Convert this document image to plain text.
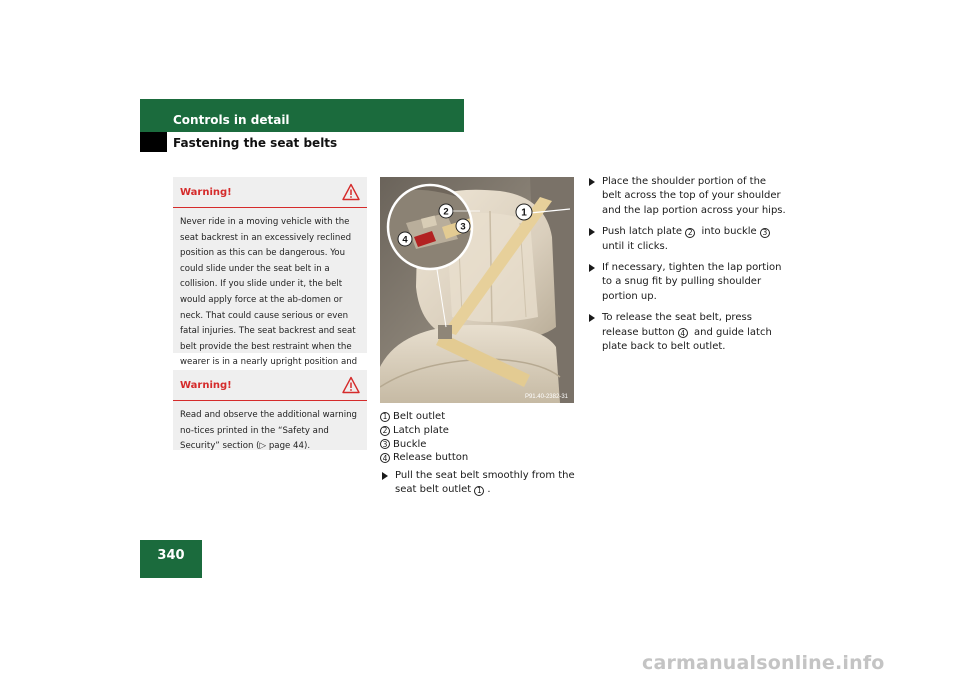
Controls in detail
Fastening the seat belts
Warning!
Never ride in a moving vehicle with the seat backrest in an excessively reclined position as this can be dangerous. You could slide under the seat belt in a collision. If you slide under it, the belt would apply force at the ab-domen or neck. That could cause serious or even fatal injuries. The seat backrest and seat belt provide the best restraint when the wearer is in a nearly upright position and
Warning!
Read and observe the additional warning no-tices printed in the “Safety and Security” section (▷ page 44).
1
2
3
4
P91.40-2382-31
1 Belt outlet
2 Latch plate
3 Buckle
4 Release button
Pull the seat belt smoothly from the seat belt outlet 1 .
Place the shoulder portion of the belt across the top of your shoulder and the lap portion across your hips.
Push latch plate 2 into buckle 3 until it clicks.
If necessary, tighten the lap portion to a snug fit by pulling shoulder portion up.
To release the seat belt, press release button 4 and guide latch plate back to belt outlet.
340
carmanualsonline.info
